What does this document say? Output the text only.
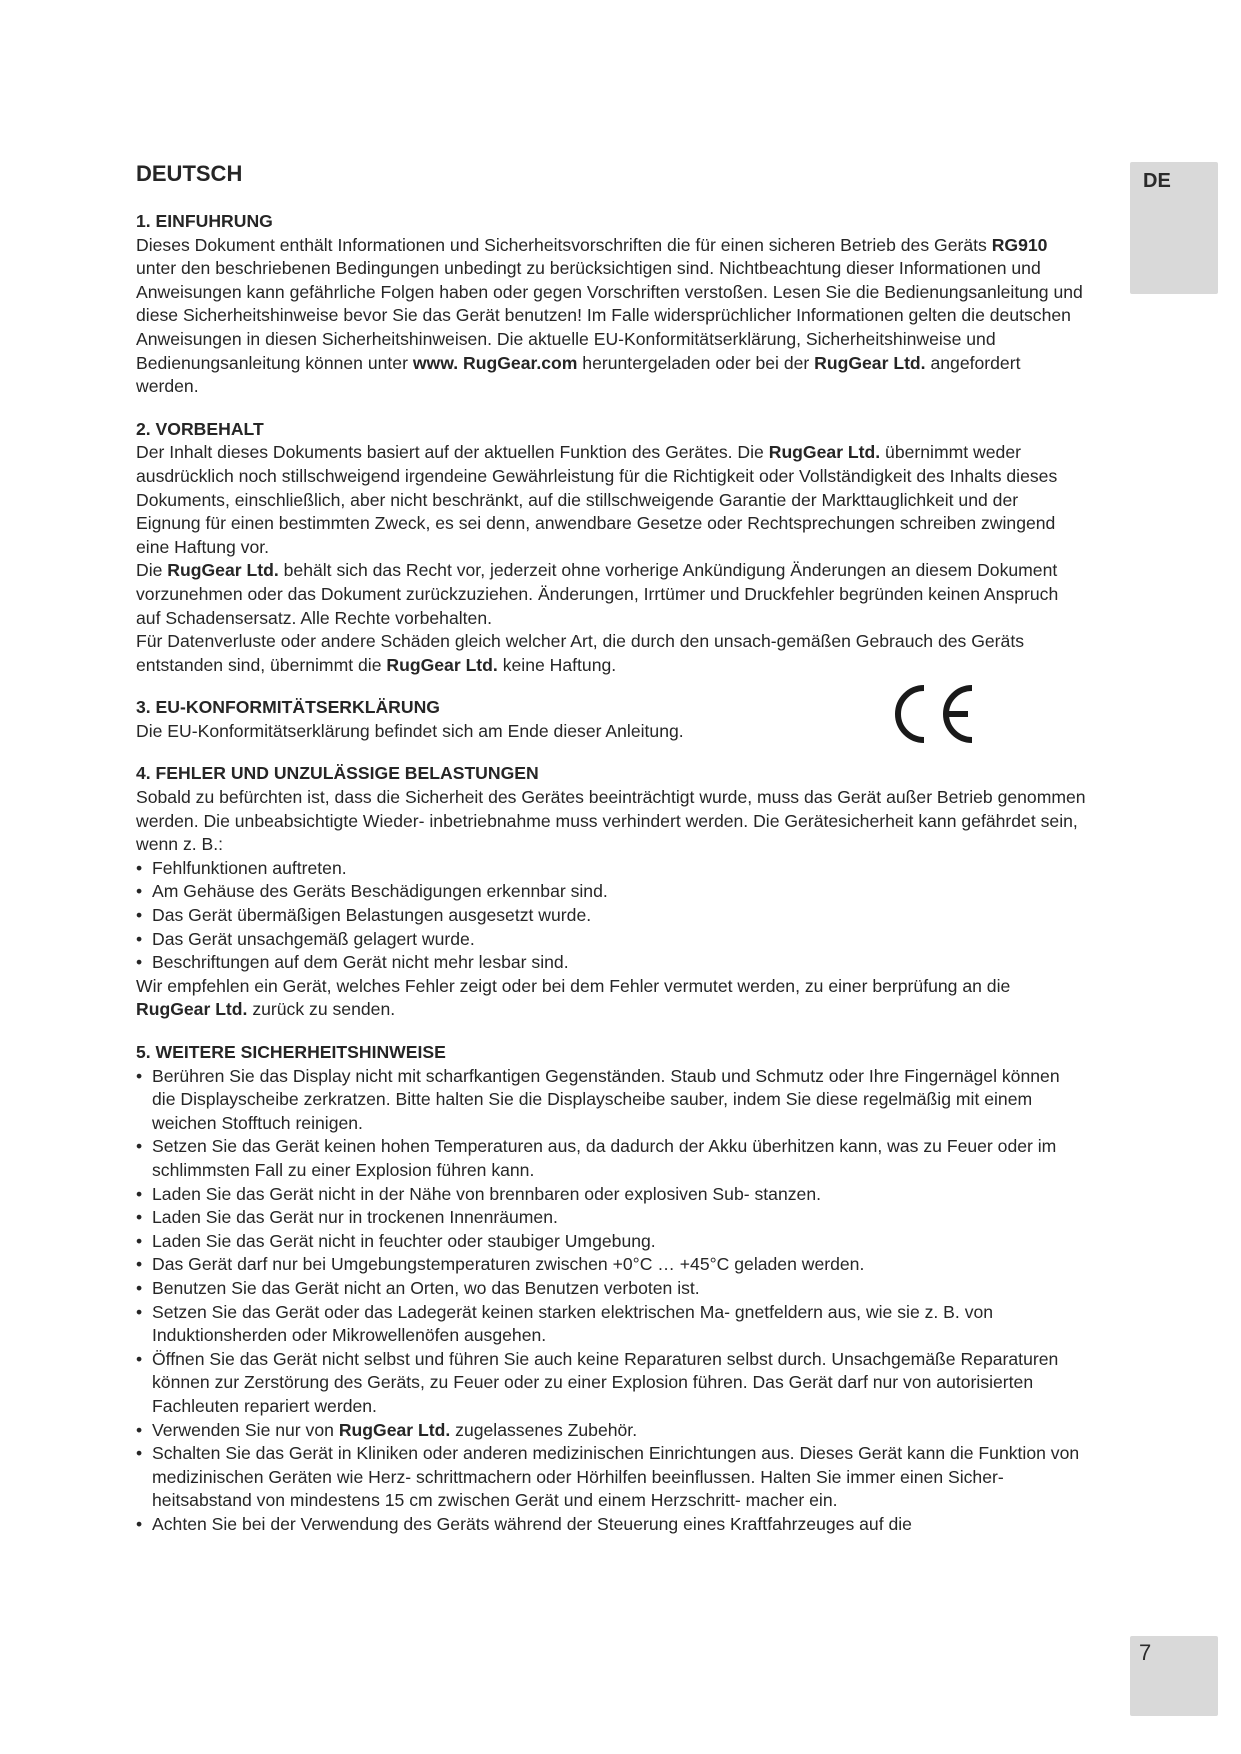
DE
DEUTSCH
1. EINFUHRUNG

Dieses Dokument enthält Informationen und Sicherheitsvorschriften die für einen sicheren Betrieb des Geräts RG910 unter den beschriebenen Bedingungen unbedingt zu berücksichtigen sind. Nichtbeachtung dieser Informationen und Anweisungen kann gefährliche Folgen haben oder gegen Vorschriften verstoßen. Lesen Sie die Bedienungsanleitung und diese Sicherheitshinweise bevor Sie das Gerät benutzen! Im Falle widersprüchlicher Informationen gelten die deutschen Anweisungen in diesen Sicherheitshinweisen. Die aktuelle EU-Konformitätserklärung, Sicherheitshinweise und Bedienungsanleitung können unter www. RugGear.com heruntergeladen oder bei der RugGear Ltd. angefordert werden.

2. VORBEHALT

Der Inhalt dieses Dokuments basiert auf der aktuellen Funktion des Gerätes. Die RugGear Ltd. übernimmt weder ausdrücklich noch stillschweigend irgendeine Gewährleistung für die Richtigkeit oder Vollständigkeit des Inhalts dieses Dokuments, einschließlich, aber nicht beschränkt, auf die stillschweigende Garantie der Markttauglichkeit und der Eignung für einen bestimmten Zweck, es sei denn, anwendbare Gesetze oder Rechtsprechungen schreiben zwingend eine Haftung vor.

Die RugGear Ltd. behält sich das Recht vor, jederzeit ohne vorherige Ankündigung Änderungen an diesem Dokument vorzunehmen oder das Dokument zurückzuziehen. Änderungen, Irrtümer und Druckfehler begründen keinen Anspruch auf Schadensersatz. Alle Rechte vorbehalten.

Für Datenverluste oder andere Schäden gleich welcher Art, die durch den unsach-gemäßen Gebrauch des Geräts entstanden sind, übernimmt die RugGear Ltd. keine Haftung.

3. EU-KONFORMITÄTSERKLÄRUNG

Die EU-Konformitätserklärung befindet sich am Ende dieser Anleitung.

4. FEHLER UND UNZULÄSSIGE BELASTUNGEN

Sobald zu befürchten ist, dass die Sicherheit des Gerätes beeinträchtigt wurde, muss das Gerät außer Betrieb genommen werden. Die unbeabsichtigte Wieder- inbetriebnahme muss verhindert werden. Die Gerätesicherheit kann gefährdet sein, wenn z. B.:

• Fehlfunktionen auftreten.
• Am Gehäuse des Geräts Beschädigungen erkennbar sind.
• Das Gerät übermäßigen Belastungen ausgesetzt wurde.
• Das Gerät unsachgemäß gelagert wurde.
• Beschriftungen auf dem Gerät nicht mehr lesbar sind.

Wir empfehlen ein Gerät, welches Fehler zeigt oder bei dem Fehler vermutet werden, zu einer berprüfung an die RugGear Ltd. zurück zu senden.

5. WEITERE SICHERHEITSHINWEISE
• Berühren Sie das Display nicht mit scharfkantigen Gegenständen. Staub und Schmutz oder Ihre Fingernägel können die Displayscheibe zerkratzen. Bitte halten Sie die Displayscheibe sauber, indem Sie diese regelmäßig mit einem weichen Stofftuch reinigen.
• Setzen Sie das Gerät keinen hohen Temperaturen aus, da dadurch der Akku überhitzen kann, was zu Feuer oder im schlimmsten Fall zu einer Explosion führen kann.
• Laden Sie das Gerät nicht in der Nähe von brennbaren oder explosiven Sub- stanzen.
• Laden Sie das Gerät nur in trockenen Innenräumen.
• Laden Sie das Gerät nicht in feuchter oder staubiger Umgebung.
• Das Gerät darf nur bei Umgebungstemperaturen zwischen +0°C … +45°C geladen werden.
• Benutzen Sie das Gerät nicht an Orten, wo das Benutzen verboten ist.
• Setzen Sie das Gerät oder das Ladegerät keinen starken elektrischen Ma- gnetfeldern aus, wie sie z. B. von Induktionsherden oder Mikrowellenöfen ausgehen.
• Öffnen Sie das Gerät nicht selbst und führen Sie auch keine Reparaturen selbst durch. Unsachgemäße Reparaturen können zur Zerstörung des Geräts, zu Feuer oder zu einer Explosion führen. Das Gerät darf nur von autorisierten Fachleuten repariert werden.
• Verwenden Sie nur von RugGear Ltd. zugelassenes Zubehör.
• Schalten Sie das Gerät in Kliniken oder anderen medizinischen Einrichtungen aus. Dieses Gerät kann die Funktion von medizinischen Geräten wie Herz- schrittmachern oder Hörhilfen beeinflussen. Halten Sie immer einen Sicher- heitsabstand von mindestens 15 cm zwischen Gerät und einem Herzschritt- macher ein.
• Achten Sie bei der Verwendung des Geräts während der Steuerung eines Kraftfahrzeuges auf die
7
